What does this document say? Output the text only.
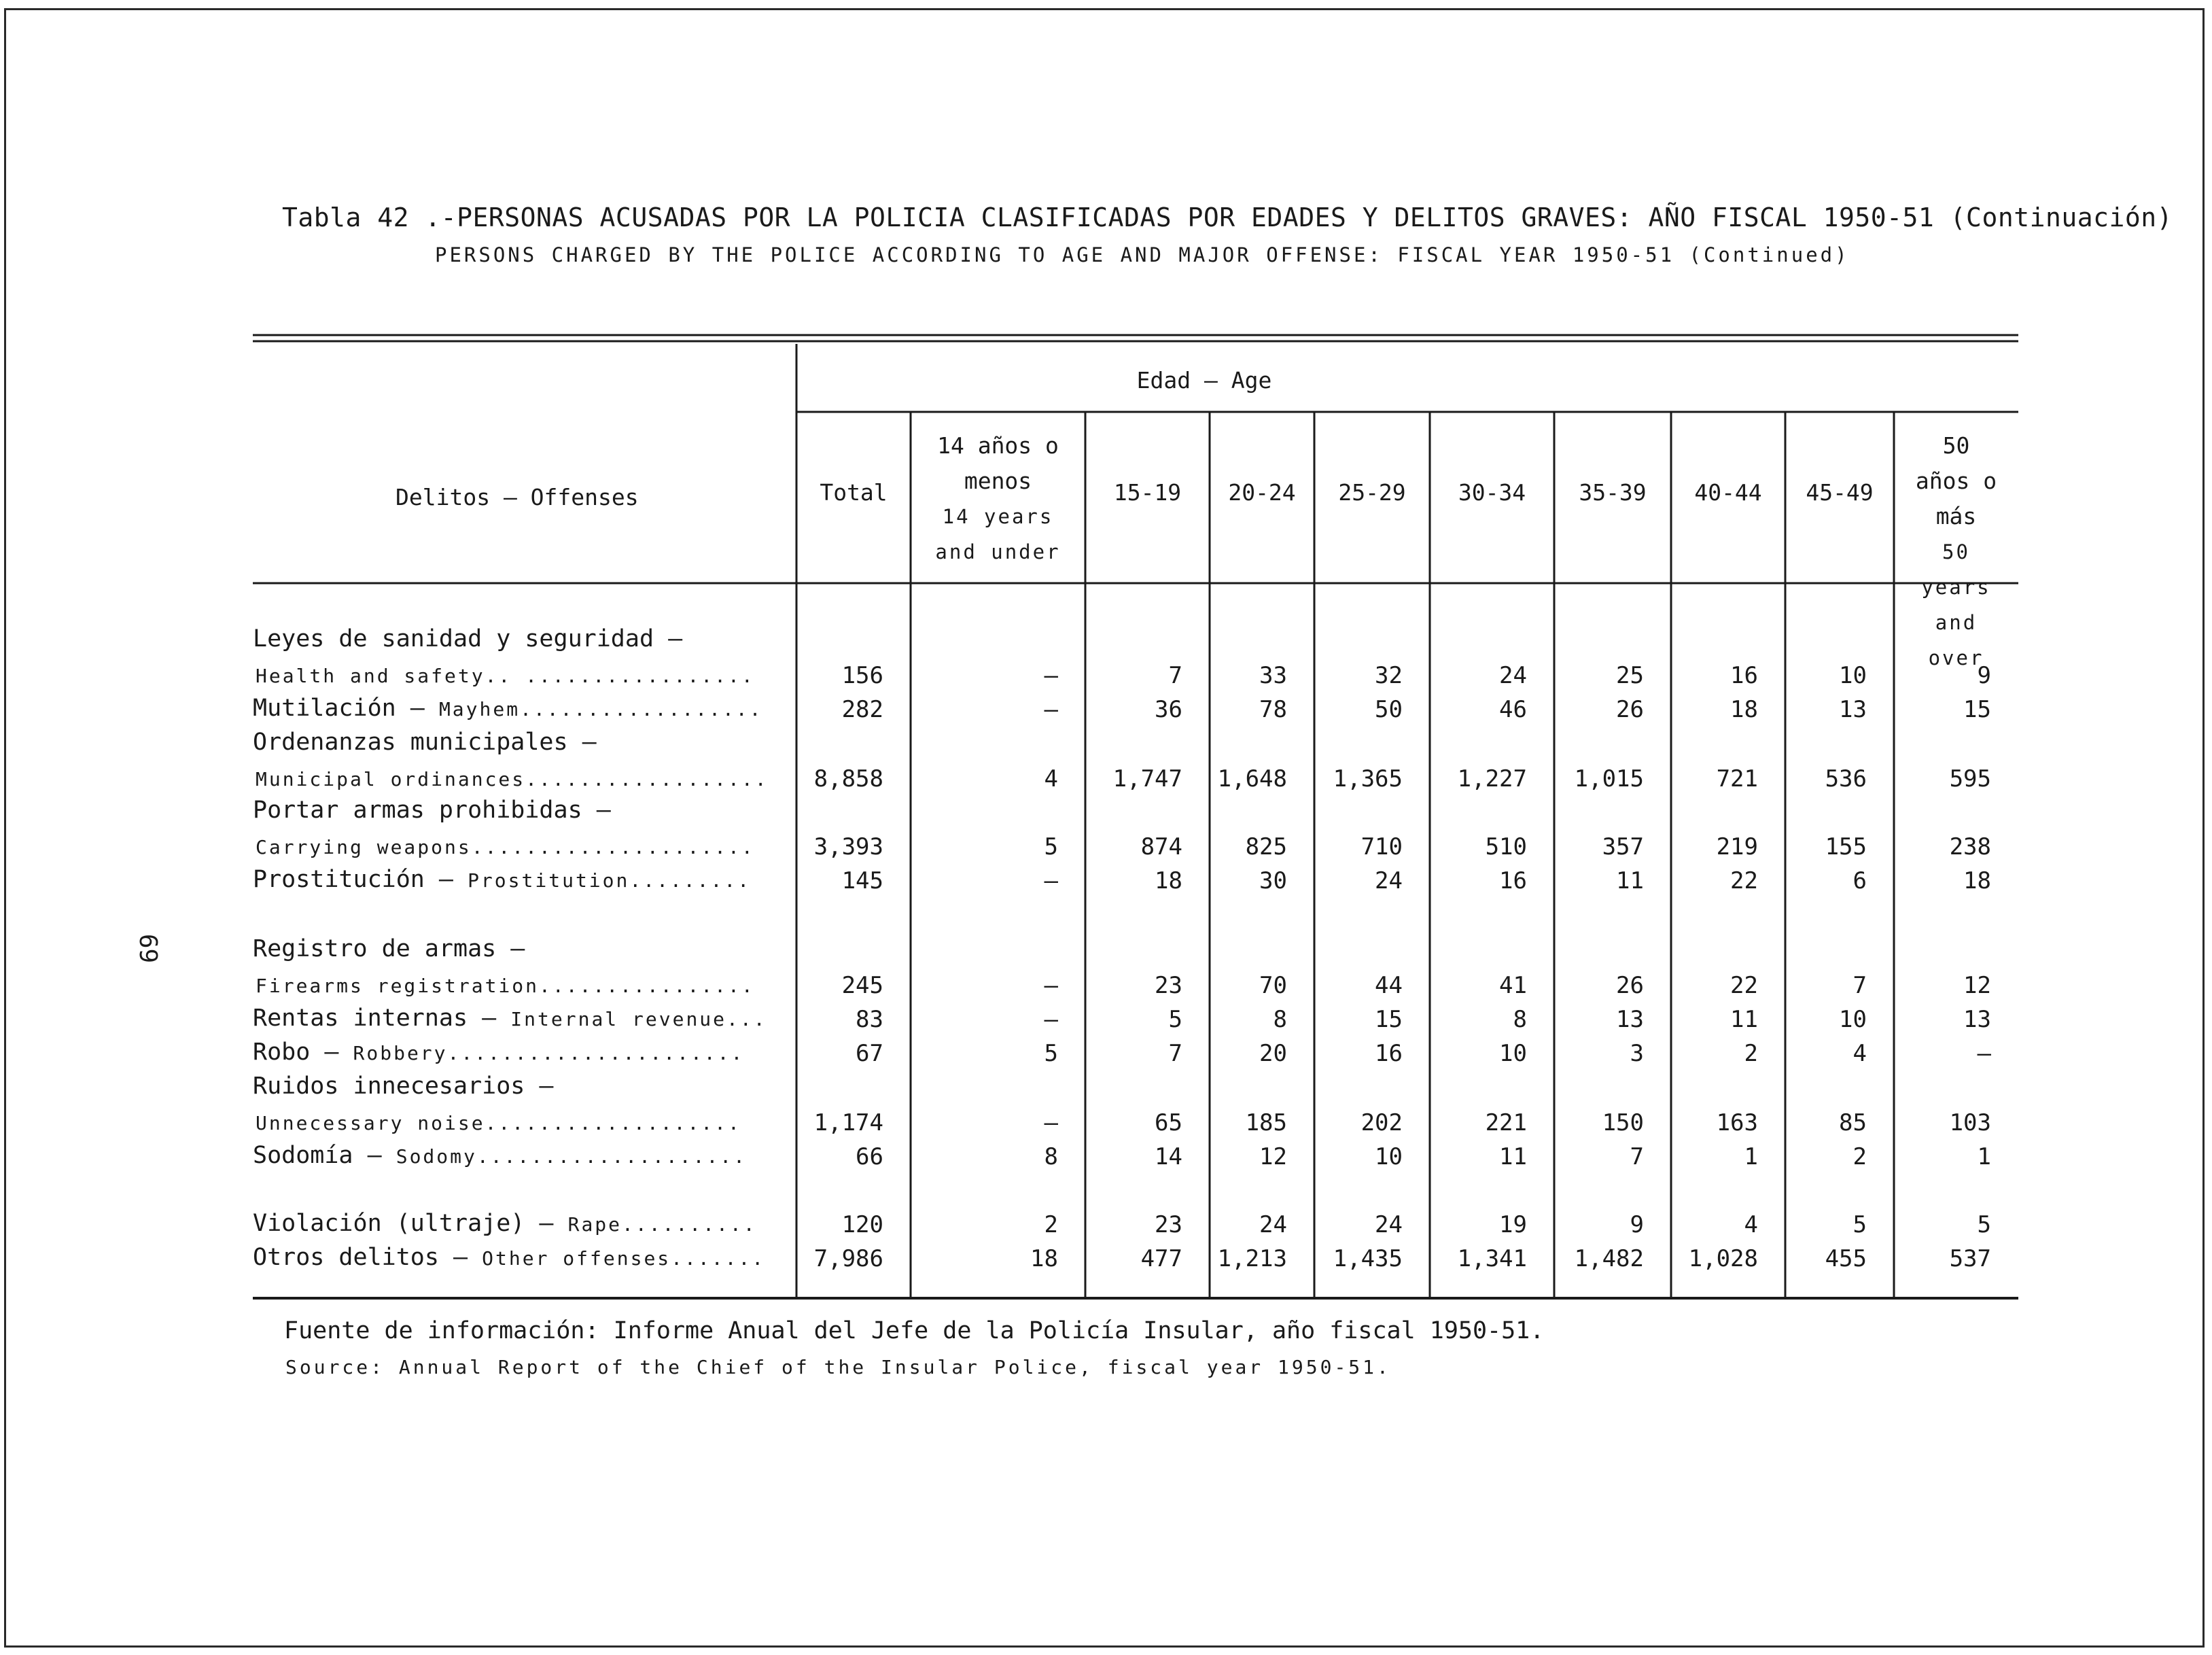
Tabla 42 .-PERSONAS ACUSADAS POR LA POLICIA CLASIFICADAS POR EDADES Y DELITOS GRAVES: AÑO FISCAL 1950-51 (Continuación)
PERSONS CHARGED BY THE POLICE ACCORDING TO AGE AND MAJOR OFFENSE: FISCAL YEAR 1950-51 (Continued)
69
Delitos — Offenses
Edad — Age
Total
14 años o menos
14 years and under
15-19	20-24	25-29	30-34	35-39	40-44	45-49
50 años o más
50 years and over
Leyes de sanidad y seguridad —
Health and safety.. .................	156	—	7	33	32	24	25	16	10	9
Mutilación — Mayhem..................	282	—	36	78	50	46	26	18	13	15
Ordenanzas municipales —
Municipal ordinances..................	8,858	4	1,747	1,648	1,365	1,227	1,015	721	536	595
Portar armas prohibidas —
Carrying weapons.....................	3,393	5	874	825	710	510	357	219	155	238
Prostitución — Prostitution.........	145	—	18	30	24	16	11	22	6	18
Registro de armas —
Firearms registration................	245	—	23	70	44	41	26	22	7	12
Rentas internas — Internal revenue...	83	—	5	8	15	8	13	11	10	13
Robo — Robbery......................	67	5	7	20	16	10	3	2	4	—
Ruidos innecesarios —
Unnecessary noise...................	1,174	—	65	185	202	221	150	163	85	103
Sodomía — Sodomy....................	66	8	14	12	10	11	7	1	2	1
Violación (ultraje) — Rape..........	120	2	23	24	24	19	9	4	5	5
Otros delitos — Other offenses.......	7,986	18	477	1,213	1,435	1,341	1,482	1,028	455	537
Fuente de información: Informe Anual del Jefe de la Policía Insular, año fiscal 1950-51.
Source: Annual Report of the Chief of the Insular Police, fiscal year 1950-51.
